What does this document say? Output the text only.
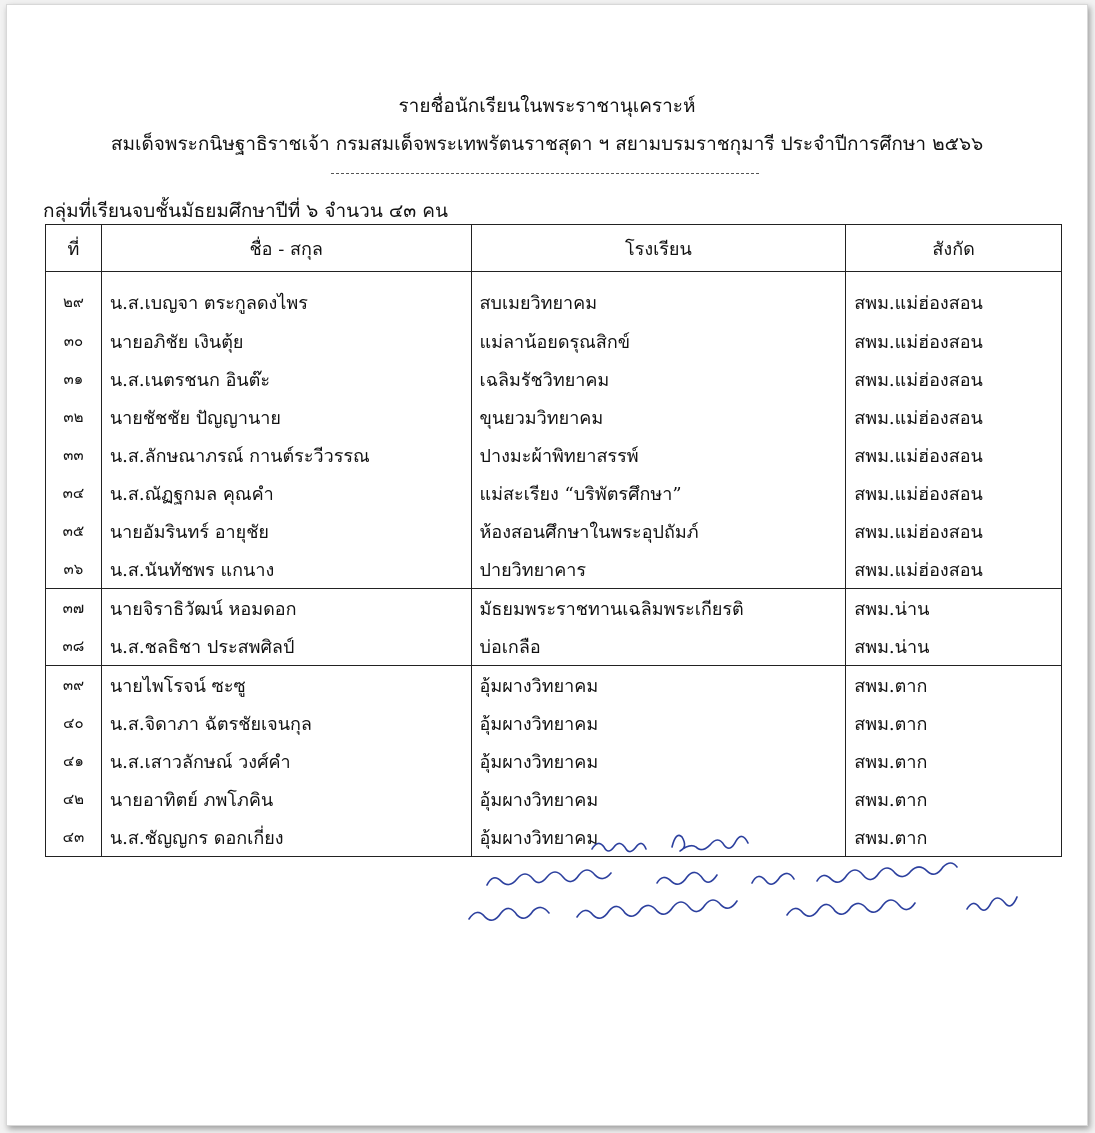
รายชื่อนักเรียนในพระราชานุเคราะห์
สมเด็จพระกนิษฐาธิราชเจ้า กรมสมเด็จพระเทพรัตนราชสุดา ฯ สยามบรมราชกุมารี ประจำปีการศึกษา ๒๕๖๖
กลุ่มที่เรียนจบชั้นมัธยมศึกษาปีที่ ๖ จำนวน ๔๓ คน
ที่	ชื่อ - สกุล	โรงเรียน	สังกัด
๒๙	น.ส.เบญจา ตระกูลดงไพร	สบเมยวิทยาคม	สพม.แม่ฮ่องสอน
๓๐	นายอภิชัย เงินตุ้ย	แม่ลาน้อยดรุณสิกข์	สพม.แม่ฮ่องสอน
๓๑	น.ส.เนตรชนก อินต๊ะ	เฉลิมรัชวิทยาคม	สพม.แม่ฮ่องสอน
๓๒	นายชัชชัย ปัญญานาย	ขุนยวมวิทยาคม	สพม.แม่ฮ่องสอน
๓๓	น.ส.ลักษณาภรณ์ กานต์ระวีวรรณ	ปางมะผ้าพิทยาสรรพ์	สพม.แม่ฮ่องสอน
๓๔	น.ส.ณัฏฐกมล คุณคำ	แม่สะเรียง “บริพัตรศึกษา”	สพม.แม่ฮ่องสอน
๓๕	นายอัมรินทร์ อายุชัย	ห้องสอนศึกษาในพระอุปถัมภ์	สพม.แม่ฮ่องสอน
๓๖	น.ส.นันทัชพร แกนาง	ปายวิทยาคาร	สพม.แม่ฮ่องสอน
๓๗	นายจิราธิวัฒน์ หอมดอก	มัธยมพระราชทานเฉลิมพระเกียรติ	สพม.น่าน
๓๘	น.ส.ชลธิชา ประสพศิลป์	บ่อเกลือ	สพม.น่าน
๓๙	นายไพโรจน์ ซะซู	อุ้มผางวิทยาคม	สพม.ตาก
๔๐	น.ส.จิดาภา ฉัตรชัยเจนกุล	อุ้มผางวิทยาคม	สพม.ตาก
๔๑	น.ส.เสาวลักษณ์ วงศ์คำ	อุ้มผางวิทยาคม	สพม.ตาก
๔๒	นายอาทิตย์ ภพโภคิน	อุ้มผางวิทยาคม	สพม.ตาก
๔๓	น.ส.ชัญญกร ดอกเกี่ยง	อุ้มผางวิทยาคม	สพม.ตาก
รับรอง วิโรจน์
เจ้าหน้าที่งานในพระองค์ ระดับ ๖ รักษาราชการ
หัวหน้าฝ่ายนักเรียนในพระราชานุเคราะห์ฯ ๗๖๕
